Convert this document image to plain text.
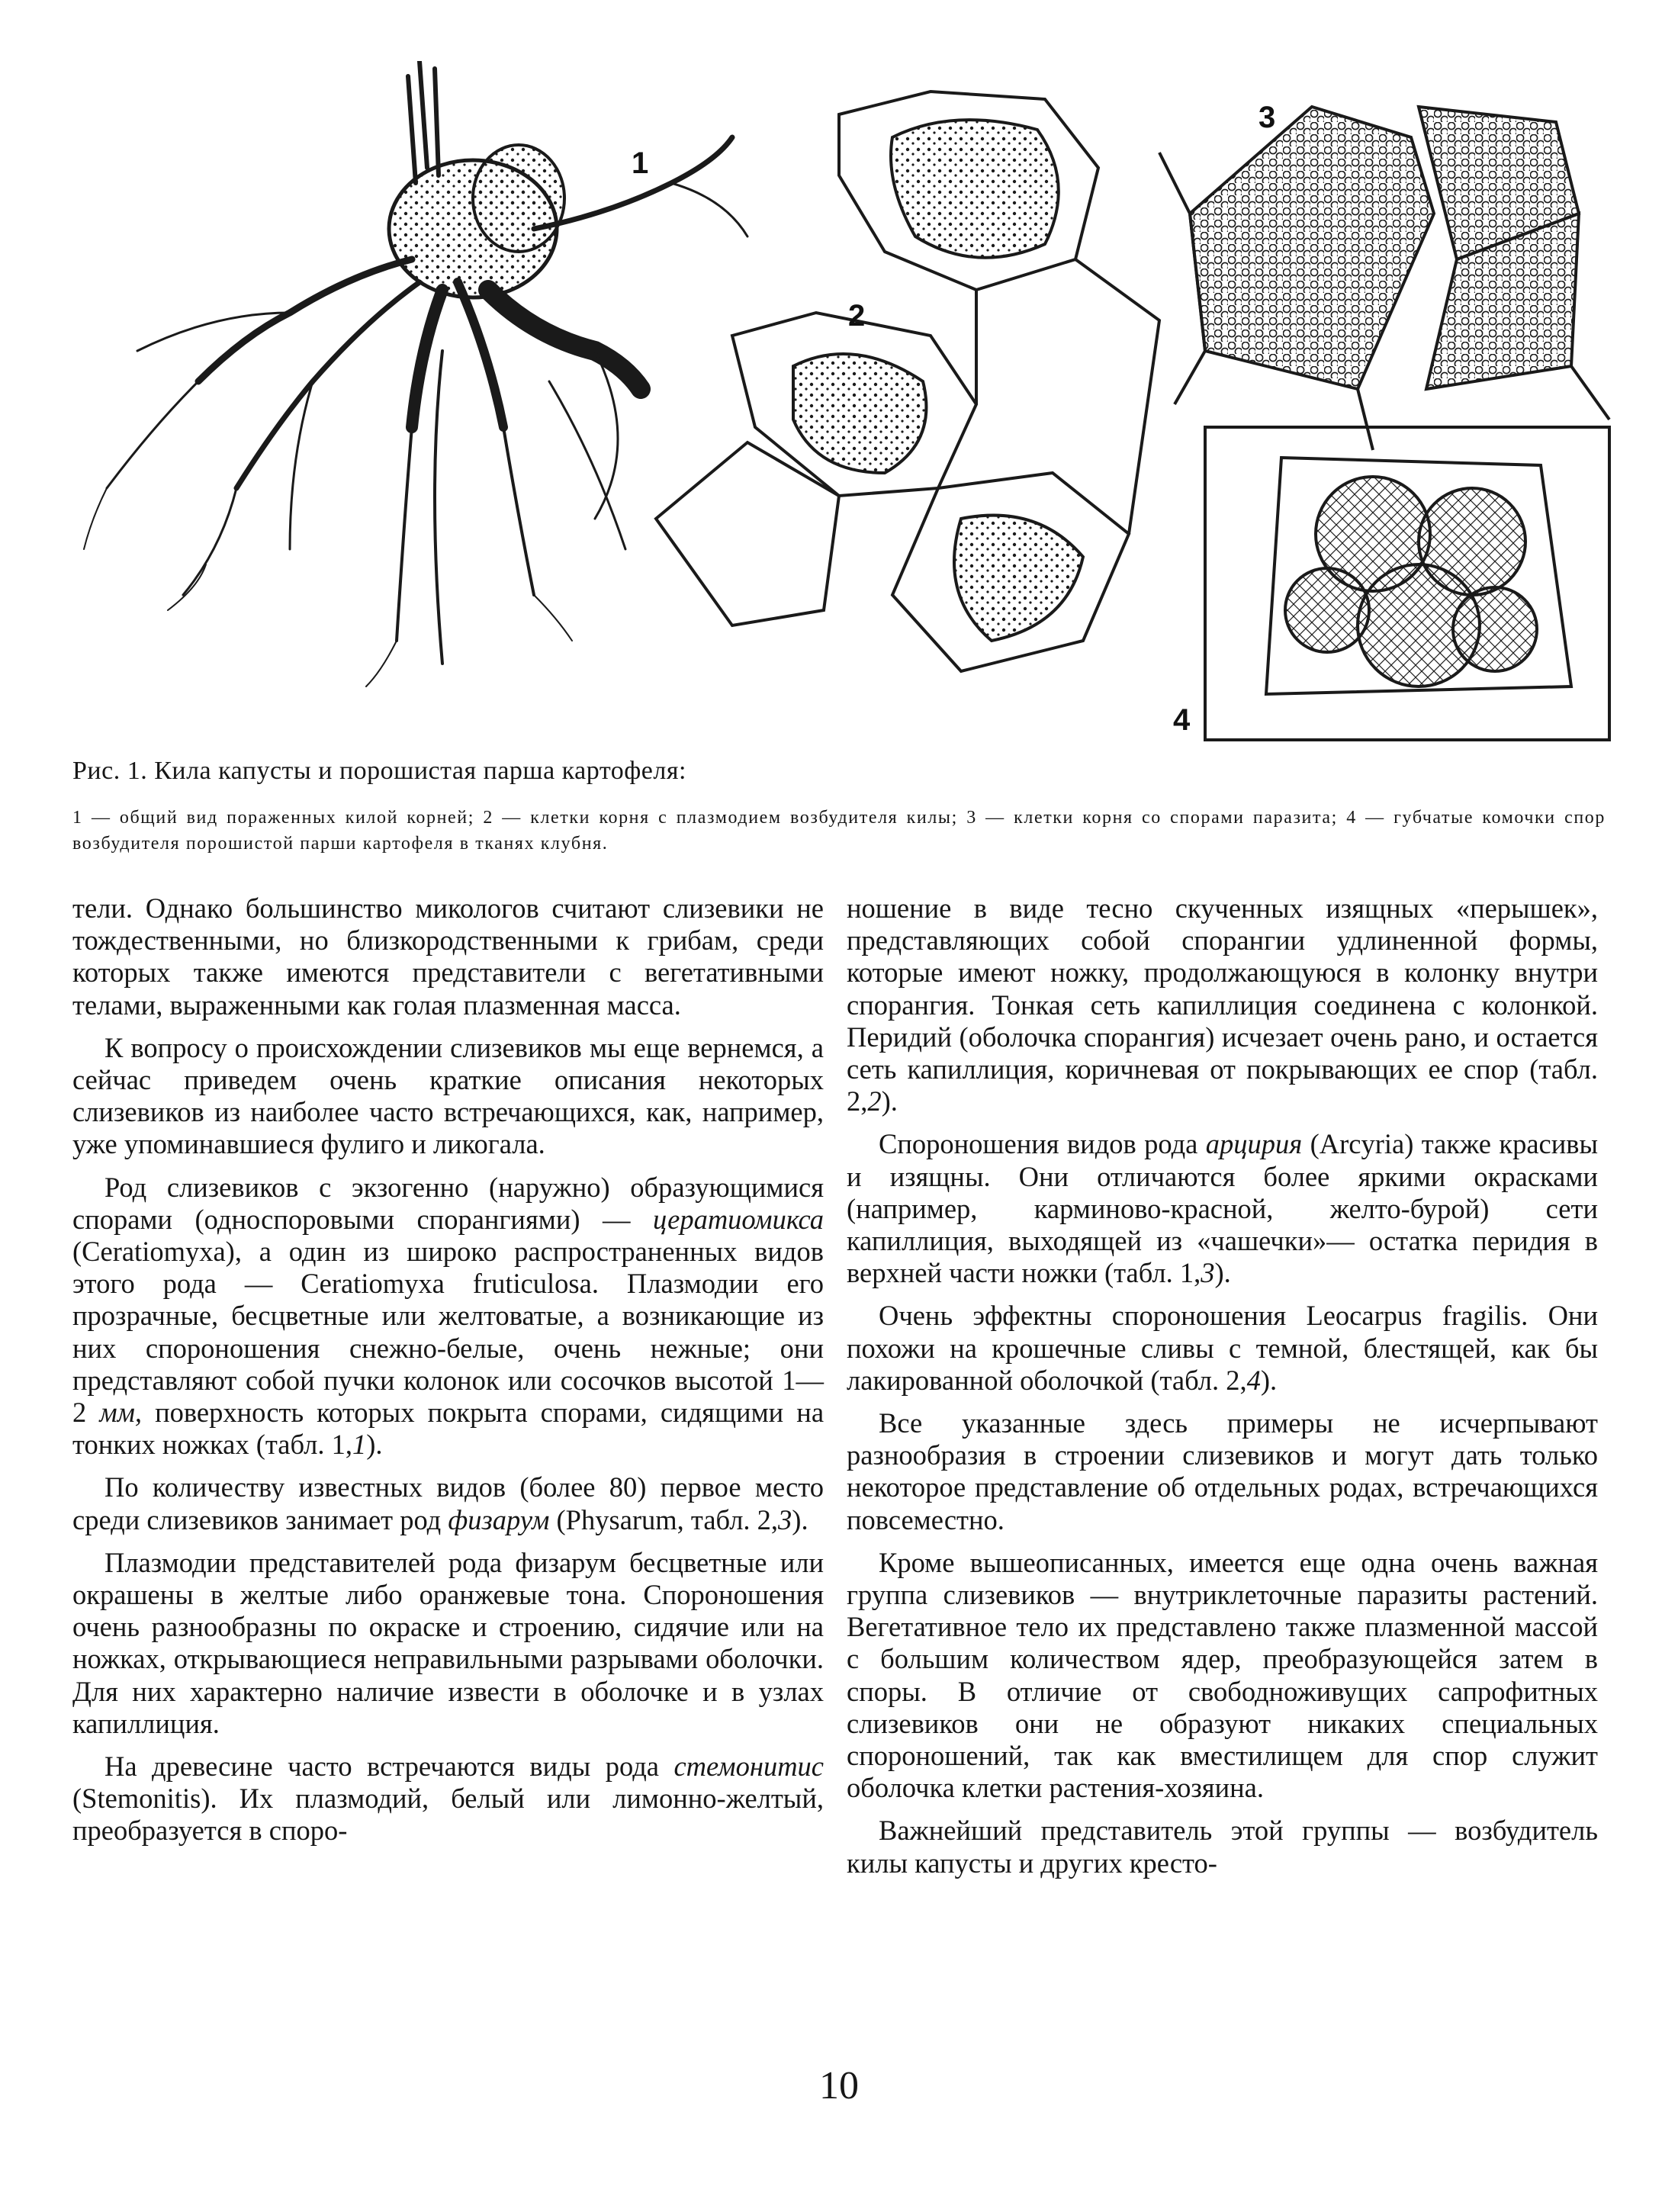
1
2
3
4
Рис. 1. Кила капусты и порошистая парша картофеля:
1 — общий вид пораженных килой корней; 2 — клетки корня с плазмодием возбудителя килы; 3 — клетки корня со спорами паразита; 4 — губчатые комочки спор возбудителя порошистой парши картофеля в тканях клубня.

тели. Однако большинство микологов считают слизевики не тождественными, но близкородственными к грибам, среди которых также имеются представители с вегетативными телами, выраженными как голая плазменная масса.

К вопросу о происхождении слизевиков мы еще вернемся, а сейчас приведем очень краткие описания некоторых слизевиков из наиболее часто встречающихся, как, например, уже упоминавшиеся фулиго и ликогала.

Род слизевиков с экзогенно (наружно) образующимися спорами (односпоровыми спорангиями) — цератиомикса (Ceratiomyxa), а один из широко распространенных видов этого рода — Ceratiomyxa fruticulosa. Плазмодии его прозрачные, бесцветные или желтоватые, а возникающие из них спороношения снежно-белые, очень нежные; они представляют собой пучки колонок или сосочков высотой 1—2 мм, поверхность которых покрыта спорами, сидящими на тонких ножках (табл. 1,1).

По количеству известных видов (более 80) первое место среди слизевиков занимает род физарум (Physarum, табл. 2,3).

Плазмодии представителей рода физарум бесцветные или окрашены в желтые либо оранжевые тона. Спороношения очень разнообразны по окраске и строению, сидячие или на ножках, открывающиеся неправильными разрывами оболочки. Для них характерно наличие извести в оболочке и в узлах капиллиция.

На древесине часто встречаются виды рода стемонитис (Stemonitis). Их плазмодий, белый или лимонно-желтый, преобразуется в споро-

ношение в виде тесно скученных изящных «перышек», представляющих собой спорангии удлиненной формы, которые имеют ножку, продолжающуюся в колонку внутри спорангия. Тонкая сеть капиллиция соединена с колонкой. Перидий (оболочка спорангия) исчезает очень рано, и остается сеть капиллиция, коричневая от покрывающих ее спор (табл. 2,2).

Спороношения видов рода арцирия (Arcyria) также красивы и изящны. Они отличаются более яркими окрасками (например, карминово-красной, желто-бурой) сети капиллиция, выходящей из «чашечки»— остатка перидия в верхней части ножки (табл. 1,3).

Очень эффектны спороношения Leocarpus fragilis. Они похожи на крошечные сливы с темной, блестящей, как бы лакированной оболочкой (табл. 2,4).

Все указанные здесь примеры не исчерпывают разнообразия в строении слизевиков и могут дать только некоторое представление об отдельных родах, встречающихся повсеместно.

Кроме вышеописанных, имеется еще одна очень важная группа слизевиков — внутриклеточные паразиты растений. Вегетативное тело их представлено также плазменной массой с большим количеством ядер, преобразующейся затем в споры. В отличие от свободноживущих сапрофитных слизевиков они не образуют никаких специальных спороношений, так как вместилищем для спор служит оболочка клетки растения-хозяина.

Важнейший представитель этой группы — возбудитель килы капусты и других кресто-

10
